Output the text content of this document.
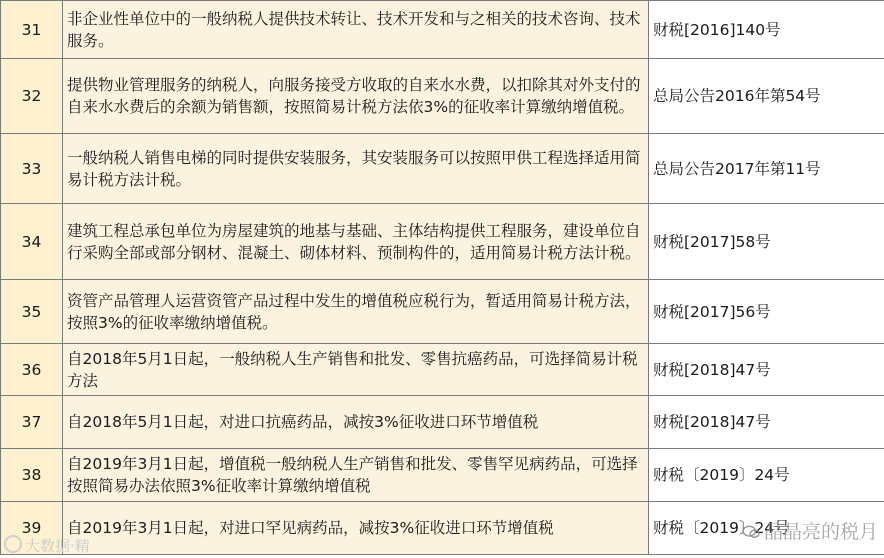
31	非企业性单位中的一般纳税人提供技术转让、技术开发和与之相关的技术咨询、技术服务。	财税[2016]140号
32	提供物业管理服务的纳税人，向服务接受方收取的自来水水费，以扣除其对外支付的自来水水费后的余额为销售额，按照简易计税方法依3%的征收率计算缴纳增值税。	总局公告2016年第54号
33	一般纳税人销售电梯的同时提供安装服务，其安装服务可以按照甲供工程选择适用简易计税方法计税。	总局公告2017年第11号
34	建筑工程总承包单位为房屋建筑的地基与基础、主体结构提供工程服务，建设单位自行采购全部或部分钢材、混凝土、砌体材料、预制构件的，适用简易计税方法计税。	财税[2017]58号
35	资管产品管理人运营资管产品过程中发生的增值税应税行为，暂适用简易计税方法，按照3%的征收率缴纳增值税。	财税[2017]56号
36	自2018年5月1日起，一般纳税人生产销售和批发、零售抗癌药品，可选择简易计税方法	财税[2018]47号
37	自2018年5月1日起，对进口抗癌药品，减按3%征收进口环节增值税	财税[2018]47号
38	自2019年3月1日起，增值税一般纳税人生产销售和批发、零售罕见病药品，可选择按照简易办法依照3%征收率计算缴纳增值税	财税〔2019〕24号
39	自2019年3月1日起，对进口罕见病药品，减按3%征收进口环节增值税	财税〔2019〕24号
大数据·精
晶晶亮的税月
